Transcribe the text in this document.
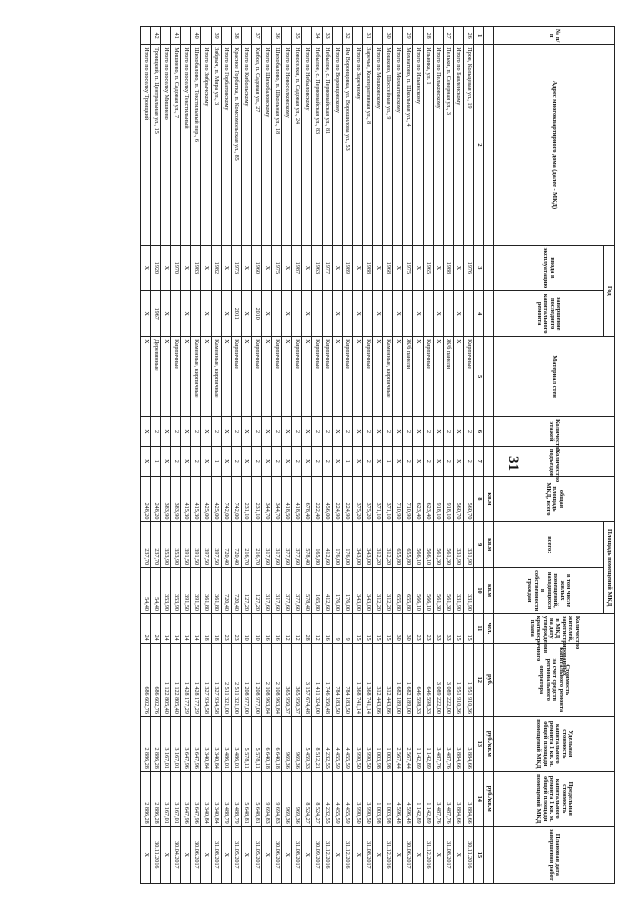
№ п/п	Адрес многоквартирного дома (далее - МКД)	Год		Материал стен	Количество этажей	Количество подъездов	общая площадь МКД, всего	Площадь помещений МКД		Количество жителей, зарегистрированных в МКД на дату утверждения краткосрочного плана	Стоимость капитального ремонта за счет средств регионального оператора	Удельная стоимость капитального ремонта 1 кв. м. общей площади помещений МКД	Предельная стоимость капитального ремонта 1 кв. м. общей площади помещений МКД	Плановая дата завершения работ
		ввода в эксплуатацию	завершение последнего капитального ремонта					всего:	в том числе жилых помещений, находящихся в собственности граждан					

							кв.м	кв.м	кв.м	чел.	руб.	руб./кв.м	руб./кв.м	
1	2	3	4	5	6	7	8	9	10	11	12	13	14	15
26	Пров, Кольцевая ул., 19	1976		Кирпичные	2	2	560,70	331,90	331,90	15	1 951 910,36	3 884,66	3 884,66	30.11.2016
	Итого по Бавленскому	X	X	X	X	X	560,70	331,90	331,90	15	1 951 910,36	3 884,66	3 884,66	X
27	Пельки, п. Северная ул., 3	1988		Ж/б панели	2	2	918,10	561,30	561,30	33	3 089 222,00	3 487,76	3 487,76	31.08.2017
	Итого по Пельковскому	X	X	X	X	X	918,10	561,30	561,30	33	3 089 222,00	3 487,76	3 487,76	X
28	Ильинка, ул. 1	1965		Кирпичные	2	2	623,40	566,10	566,10	23	646 598,33	1 142,89	1 142,89	31.12.2016
	Итого по Ильинскому	X	X	X	X	X	623,40	566,10	566,10	23	646 598,33	1 142,89	1 142,89	X
29	Мохнатово, п. Школьная ул., 4	1975		Ж/б панели	2	2	710,90	655,80	655,80	30	1 682 189,00	2 567,44	4 596,48	30.06.2017
	Итого по Мохнатовскому	X	X	X	X	X	710,90	655,80	655,80	30	1 682 189,00	2 567,44	4 596,48	X
30	Мошково, Шоссейная ул., 9	1968		Каменные, кирпичные	2	1	371,10	312,20	312,20	15	312 443,86	1 003,98	1 003,98	31.12.2016
	Итого по Мошковскому	X	X	X	X	X	371,10	312,20	312,20	15	312 443,86	1 003,98	1 003,98	X
31	Заречье, Кооперативная ул., 8	1988		Кирпичные	2	2	375,20	343,00	343,00	15	1 368 741,14	3 990,50	3 990,50	31.08.2017
	Итого по Заречному	X	X	X	X	X	375,20	343,00	343,00	15	1 368 741,14	3 990,50	3 990,50	X
32	Ям Воронцовка, ул. Ворошилова ул., 53	1989		Кирпичные	2	1	224,90	176,00	176,00	9	784 183,50	4 455,59	4 455,59	31.12.2016
	Итого по Воронцовскому	X	X	X	X	X	224,90	176,00	176,00	9	784 183,50	4 455,59	4 455,59	X
33	Небылое, с. Первомайская ул., 81	1977		Кирпичные	2	2	456,00	412,60	412,60	16	1 746 350,48	4 232,55	4 232,55	31.12.2016
34	Небылое, с. Первомайская ул., 83	1963		Кирпичные	2	2	222,40	165,80	165,80	12	1 411 324,00	8 512,21	8 524,27	30.09.2017
	Итого по Небыловскому	X	X	X	X	X	678,40	578,40	578,40	28	3 157 674,48	5 459,33	8 524,27	X
35	Новоселки, п. Садовая ул., 24	1987		Кирпичные	2	2	418,50	377,60	377,60	12	365 950,37	969,36	969,36	31.08.2017
	Итого по Новоселковскому	X	X	X	X	X	418,50	377,60	377,60	12	365 950,37	969,36	969,36	X
36	Шихобалово, п. Школьная ул., 18	1975		Кирпичные	2	2	344,70	317,60	317,60	16	2 108 963,84	6 640,18	9 694,83	30.06.2017
	Итого по Шихобаловскому	X	X	X	X	X	344,70	317,60	317,60	16	2 108 963,84	6 640,18	9 694,83	X
37	Кибол, п. Садовая ул., 27	1960	2010	Кирпичные	2	2	231,10	216,70	127,20	10	1 208 977,00	5 578,11	5 648,81	31.05.2017
	Итого по Кибольскому	X	X	X	X	X	231,10	216,70	127,20	10	1 208 977,00	5 578,11	5 648,81	X
38	Красное Горбатка, п. Комсомольская ул., 85	1973	2011	Кирпичные	2	2	742,00	720,40	720,40	23	2 511 321,00	3 486,01	3 488,79	31.05.2017
	Итого по Горбатовскому	X	X	X	X	X	742,00	720,40	720,40	23	2 511 321,00	3 486,01	3 488,79	X
39	Зябрыч, п. Мира ул., 3	1982		Каменные, кирпичные	2	1	425,00	397,50	361,80	18	1 327 934,58	3 340,84	3 340,84	31.08.2017
	Итого по Зябрычскому	X	X	X	X	X	425,00	397,50	361,80	18	1 327 934,58	3 340,84	3 340,84	X
40	Шихобалово, п. Текстильный пер., 6	1983		Каменные, кирпичные	2	2	415,30	391,50	391,50	14	1 428 177,29	3 647,96	3 647,96	30.06.2017
	Итого по поселку Текстильный	X	X	X	X	X	415,30	391,50	391,50	14	1 428 177,29	3 647,96	3 647,96	X
41	Мишнево, п. Садовая ул., 7	1970		Кирпичные	2	2	383,90	353,90	353,90	14	1 122 805,40	3 167,01	3 167,01	30.04.2017
	Итого по поселку Мишнево	X	X	X	X	X	383,90	353,90	353,90	14	1 122 805,40	3 167,01	3 167,01	X
42	Троицкий, п. Центральная ул., 15	1920	1967	Деревянные	2	1	248,20	237,70	54,40	24	686 602,76	2 886,28	2 886,28	30.11.2016
	Итого по поселку Троицкий	X	X	X	X	X	248,20	237,70	54,40	24	686 602,76	2 886,28	2 886,28	X
31
